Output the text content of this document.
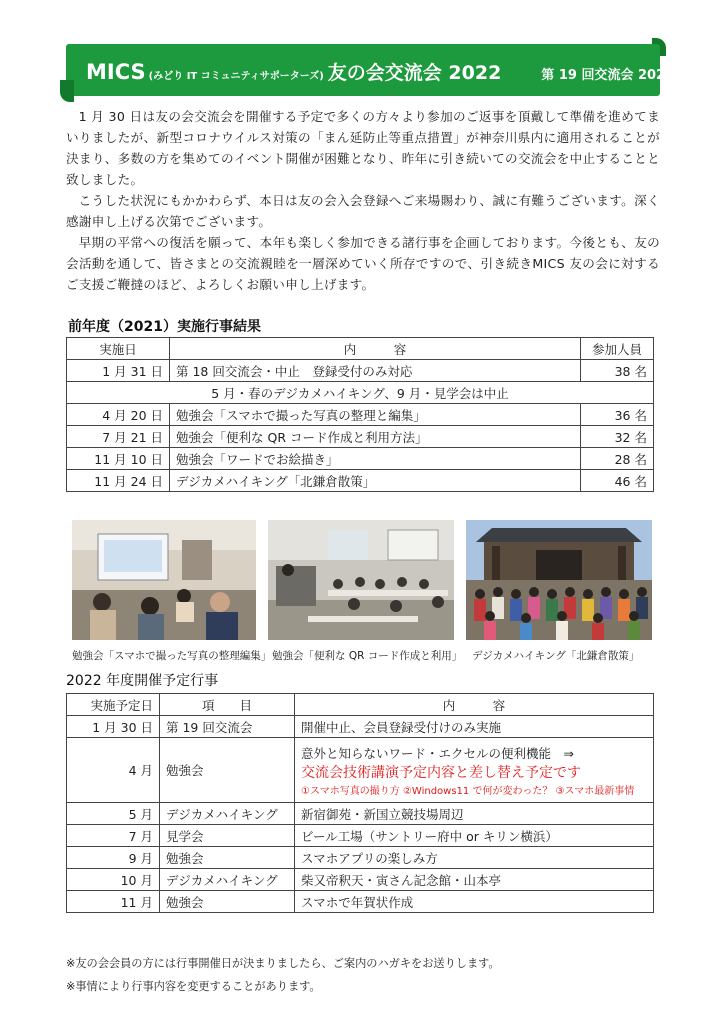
MICS (みどり IT コミュニティサポーターズ) 友の会交流会 2022	第 19 回交流会 2022.1.30

1 月 30 日は友の会交流会を開催する予定で多くの方々より参加のご返事を頂戴して準備を進めてまいりましたが、新型コロナウイルス対策の「まん延防止等重点措置」が神奈川県内に適用されることが決まり、多数の方を集めてのイベント開催が困難となり、昨年に引き続いての交流会を中止することと致しました。

こうした状況にもかかわらず、本日は友の会入会登録へご来場賜わり、誠に有難うございます。深く感謝申し上げる次第でございます。

早期の平常への復活を願って、本年も楽しく参加できる諸行事を企画しております。今後とも、友の会活動を通して、皆さまとの交流親睦を一層深めていく所存ですので、引き続きMICS 友の会に対するご支援ご鞭撻のほど、よろしくお願い申し上げます。

前年度（2021）実施行事結果
実施日	内　　　容	参加人員
1 月 31 日	第 18 回交流会・中止　登録受付のみ対応	38 名
5 月・春のデジカメハイキング、9 月・見学会は中止		
4 月 20 日	勉強会「スマホで撮った写真の整理と編集」	36 名
7 月 21 日	勉強会「便利な QR コード作成と利用方法」	32 名
11 月 10 日	勉強会「ワードでお絵描き」	28 名
11 月 24 日	デジカメハイキング「北鎌倉散策」	46 名
勉強会「スマホで撮った写真の整理編集」 勉強会「便利な QR コード作成と利用」 デジカメハイキング「北鎌倉散策」
2022 年度開催予定行事
実施予定日	項　　目	内　　　容
1 月 30 日	第 19 回交流会	開催中止、会員登録受付けのみ実施
4 月	勉強会	意外と知らないワード・エクセルの便利機能　⇒
交流会技術講演予定内容と差し替え予定です
①スマホ写真の撮り方 ②Windows11 で何が変わった？ ③スマホ最新事情

5 月	デジカメハイキング	新宿御苑・新国立競技場周辺
7 月	見学会	ビール工場（サントリー府中 or キリン横浜）
9 月	勉強会	スマホアプリの楽しみ方
10 月	デジカメハイキング	柴又帝釈天・寅さん記念館・山本亭
11 月	勉強会	スマホで年賀状作成
※友の会会員の方には行事開催日が決まりましたら、ご案内のハガキをお送りします。
※事情により行事内容を変更することがあります。
